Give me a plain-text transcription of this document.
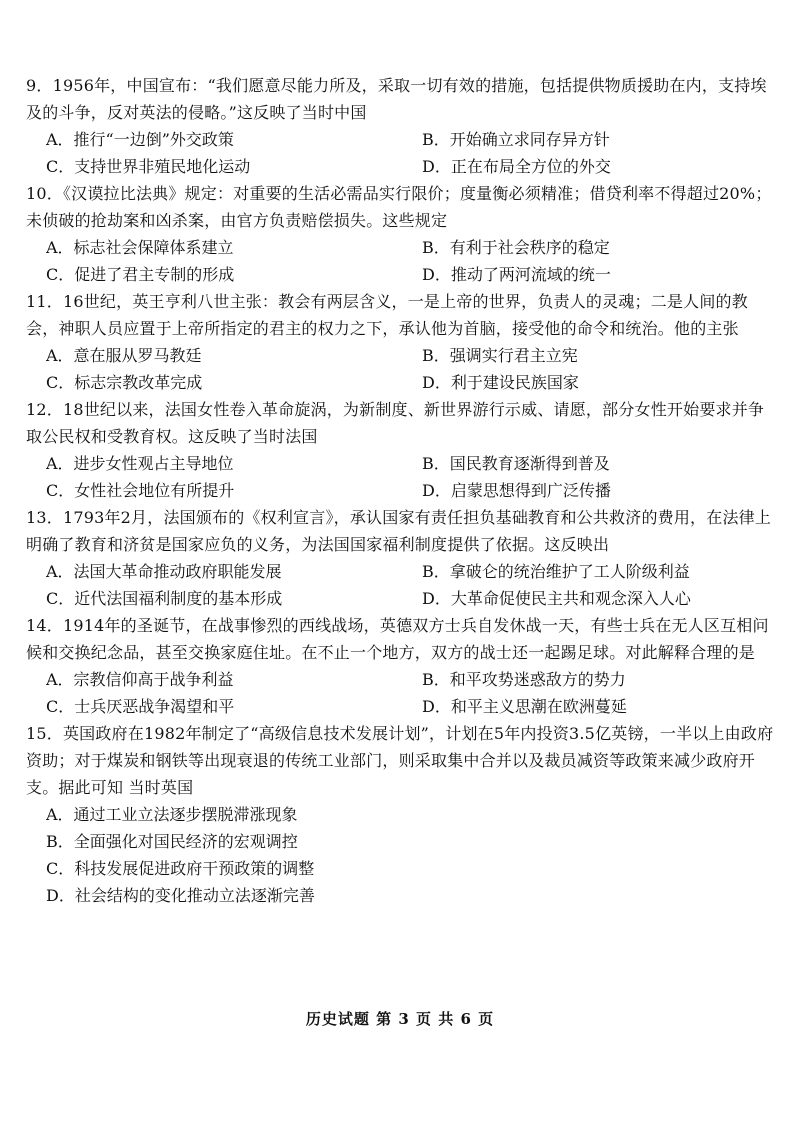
9．1956年，中国宣布：“我们愿意尽能力所及，采取一切有效的措施，包括提供物质援助在内，支持埃及的斗争，反对英法的侵略。”这反映了当时中国

A．推行“一边倒”外交政策	B．开始确立求同存异方针
C．支持世界非殖民地化运动	D．正在布局全方位的外交

10．《汉谟拉比法典》规定：对重要的生活必需品实行限价；度量衡必须精准；借贷利率不得超过20%；未侦破的抢劫案和凶杀案，由官方负责赔偿损失。这些规定

A．标志社会保障体系建立	B．有利于社会秩序的稳定
C．促进了君主专制的形成	D．推动了两河流域的统一

11．16世纪，英王亨利八世主张：教会有两层含义，一是上帝的世界，负责人的灵魂；二是人间的教会，神职人员应置于上帝所指定的君主的权力之下，承认他为首脑，接受他的命令和统治。他的主张

A．意在服从罗马教廷	B．强调实行君主立宪
C．标志宗教改革完成	D．利于建设民族国家

12．18世纪以来，法国女性卷入革命旋涡，为新制度、新世界游行示威、请愿，部分女性开始要求并争取公民权和受教育权。这反映了当时法国

A．进步女性观占主导地位	B．国民教育逐渐得到普及
C．女性社会地位有所提升	D．启蒙思想得到广泛传播

13．1793年2月，法国颁布的《权利宣言》，承认国家有责任担负基础教育和公共救济的费用，在法律上明确了教育和济贫是国家应负的义务，为法国国家福利制度提供了依据。这反映出

A．法国大革命推动政府职能发展	B．拿破仑的统治维护了工人阶级利益
C．近代法国福利制度的基本形成	D．大革命促使民主共和观念深入人心

14．1914年的圣诞节，在战事惨烈的西线战场，英德双方士兵自发休战一天，有些士兵在无人区互相问候和交换纪念品，甚至交换家庭住址。在不止一个地方，双方的战士还一起踢足球。对此解释合理的是

A．宗教信仰高于战争利益	B．和平攻势迷惑敌方的势力
C．士兵厌恶战争渴望和平	D．和平主义思潮在欧洲蔓延

15．英国政府在1982年制定了“高级信息技术发展计划”，计划在5年内投资3.5亿英镑，一半以上由政府资助；对于煤炭和钢铁等出现衰退的传统工业部门，则采取集中合并以及裁员减资等政策来减少政府开支。据此可知 当时英国

A．通过工业立法逐步摆脱滞涨现象
B．全面强化对国民经济的宏观调控
C．科技发展促进政府干预政策的调整
D．社会结构的变化推动立法逐渐完善
历史试题 第 3 页 共 6 页
